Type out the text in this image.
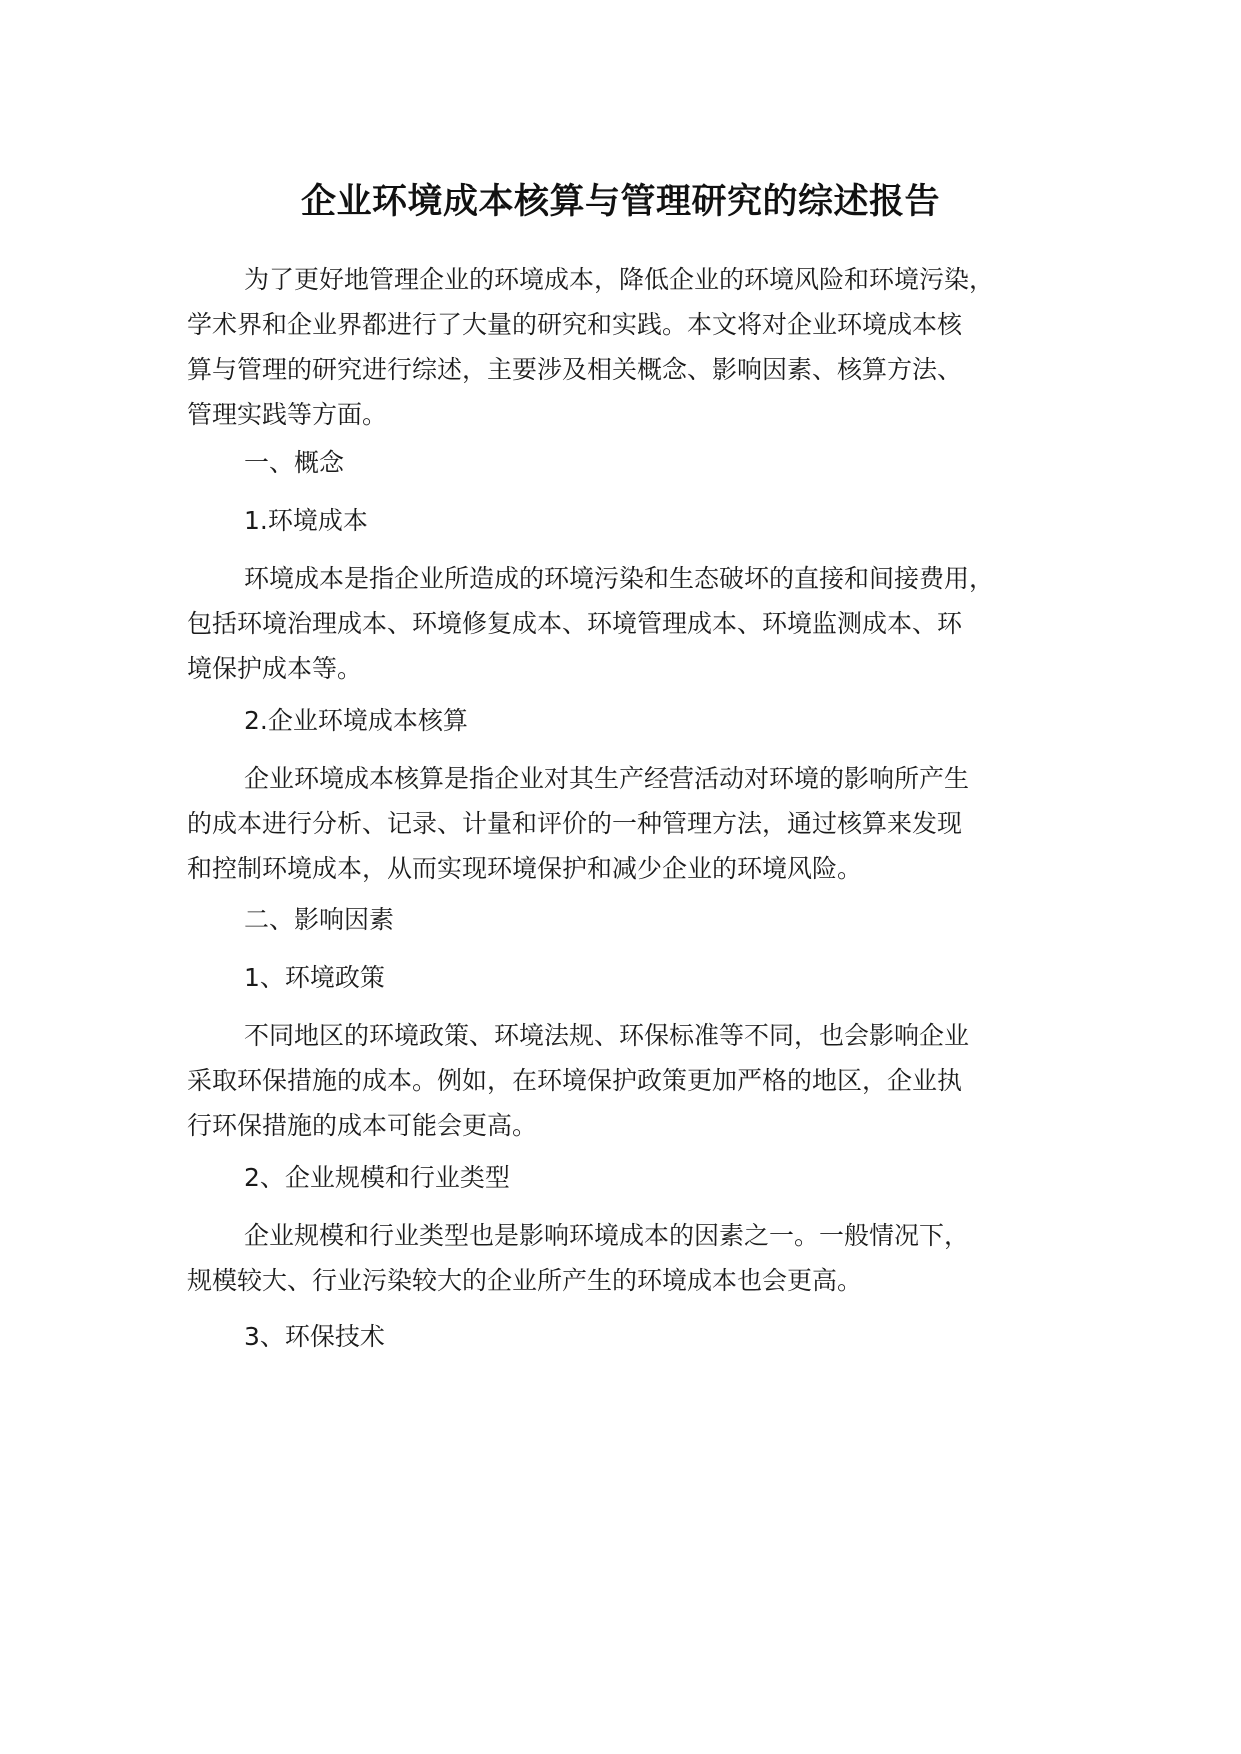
企业环境成本核算与管理研究的综述报告
为了更好地管理企业的环境成本，降低企业的环境风险和环境污染，
学术界和企业界都进行了大量的研究和实践。本文将对企业环境成本核
算与管理的研究进行综述，主要涉及相关概念、影响因素、核算方法、
管理实践等方面。
一、概念
1.环境成本
环境成本是指企业所造成的环境污染和生态破坏的直接和间接费用，
包括环境治理成本、环境修复成本、环境管理成本、环境监测成本、环
境保护成本等。
2.企业环境成本核算
企业环境成本核算是指企业对其生产经营活动对环境的影响所产生
的成本进行分析、记录、计量和评价的一种管理方法，通过核算来发现
和控制环境成本，从而实现环境保护和减少企业的环境风险。
二、影响因素
1、环境政策
不同地区的环境政策、环境法规、环保标准等不同，也会影响企业
采取环保措施的成本。例如，在环境保护政策更加严格的地区，企业执
行环保措施的成本可能会更高。
2、企业规模和行业类型
企业规模和行业类型也是影响环境成本的因素之一。一般情况下，
规模较大、行业污染较大的企业所产生的环境成本也会更高。
3、环保技术
